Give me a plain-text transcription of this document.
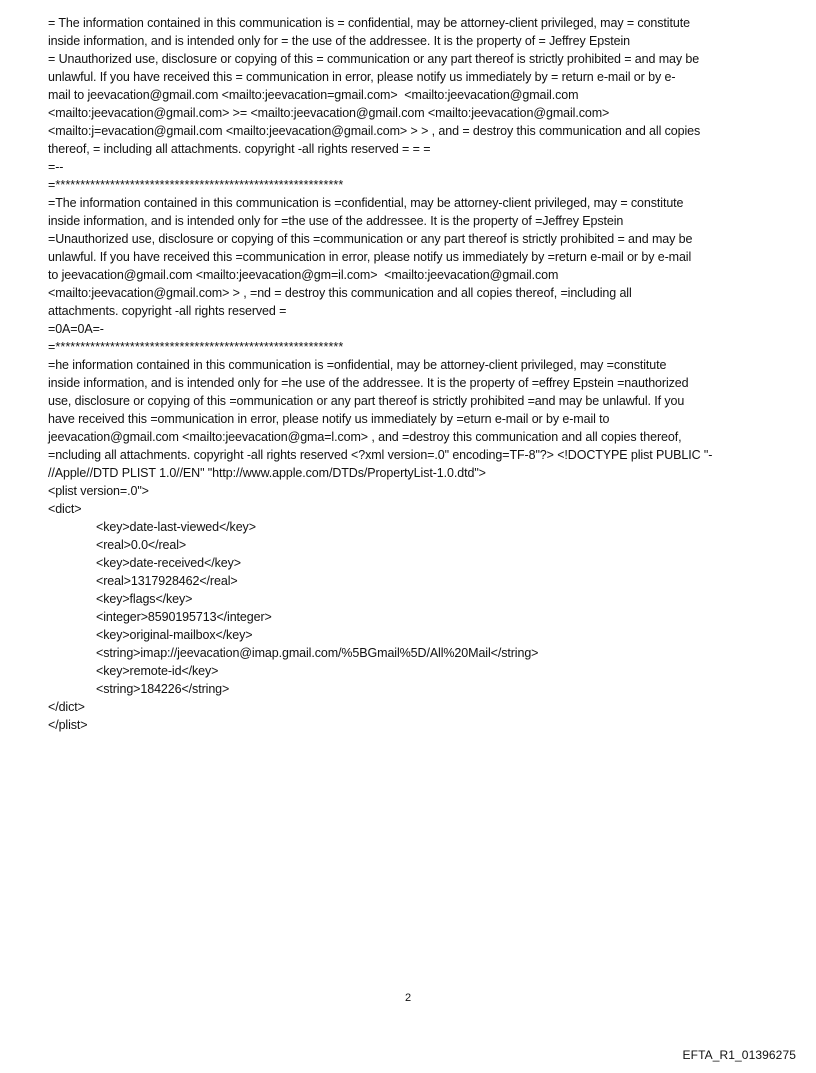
= The information contained in this communication is = confidential, may be attorney-client privileged, may = constitute
inside information, and is intended only for = the use of the addressee. It is the property of = Jeffrey Epstein
= Unauthorized use, disclosure or copying of this = communication or any part thereof is strictly prohibited = and may be
unlawful. If you have received this = communication in error, please notify us immediately by = return e-mail or by e-
mail to jeevacation@gmail.com <mailto:jeevacation=gmail.com>  <mailto:jeevacation@gmail.com
<mailto:jeevacation@gmail.com> >= <mailto:jeevacation@gmail.com <mailto:jeevacation@gmail.com>
<mailto:j=evacation@gmail.com <mailto:jeevacation@gmail.com> > > , and = destroy this communication and all copies
thereof, = including all attachments. copyright -all rights reserved = = =
=--
=**********************************************************
=The information contained in this communication is =confidential, may be attorney-client privileged, may = constitute
inside information, and is intended only for =the use of the addressee. It is the property of =Jeffrey Epstein
=Unauthorized use, disclosure or copying of this =communication or any part thereof is strictly prohibited = and may be
unlawful. If you have received this =communication in error, please notify us immediately by =return e-mail or by e-mail
to jeevacation@gmail.com <mailto:jeevacation@gm=il.com>  <mailto:jeevacation@gmail.com
<mailto:jeevacation@gmail.com> > , =nd = destroy this communication and all copies thereof, =including all
attachments. copyright -all rights reserved =
=0A=0A=-
=**********************************************************
=he information contained in this communication is =onfidential, may be attorney-client privileged, may =constitute
inside information, and is intended only for =he use of the addressee. It is the property of =effrey Epstein =nauthorized
use, disclosure or copying of this =ommunication or any part thereof is strictly prohibited =and may be unlawful. If you
have received this =ommunication in error, please notify us immediately by =eturn e-mail or by e-mail to
jeevacation@gmail.com <mailto:jeevacation@gma=l.com> , and =destroy this communication and all copies thereof,
=ncluding all attachments. copyright -all rights reserved <?xml version=.0" encoding=TF-8"?> <!DOCTYPE plist PUBLIC "-
//Apple//DTD PLIST 1.0//EN" "http://www.apple.com/DTDs/PropertyList-1.0.dtd">
<plist version=.0">
<dict>
<key>date-last-viewed</key>
<real>0.0</real>
<key>date-received</key>
<real>1317928462</real>
<key>flags</key>
<integer>8590195713</integer>
<key>original-mailbox</key>
<string>imap://jeevacation@imap.gmail.com/%5BGmail%5D/All%20Mail</string>
<key>remote-id</key>
<string>184226</string>
</dict>
</plist>
2
EFTA_R1_01396275
